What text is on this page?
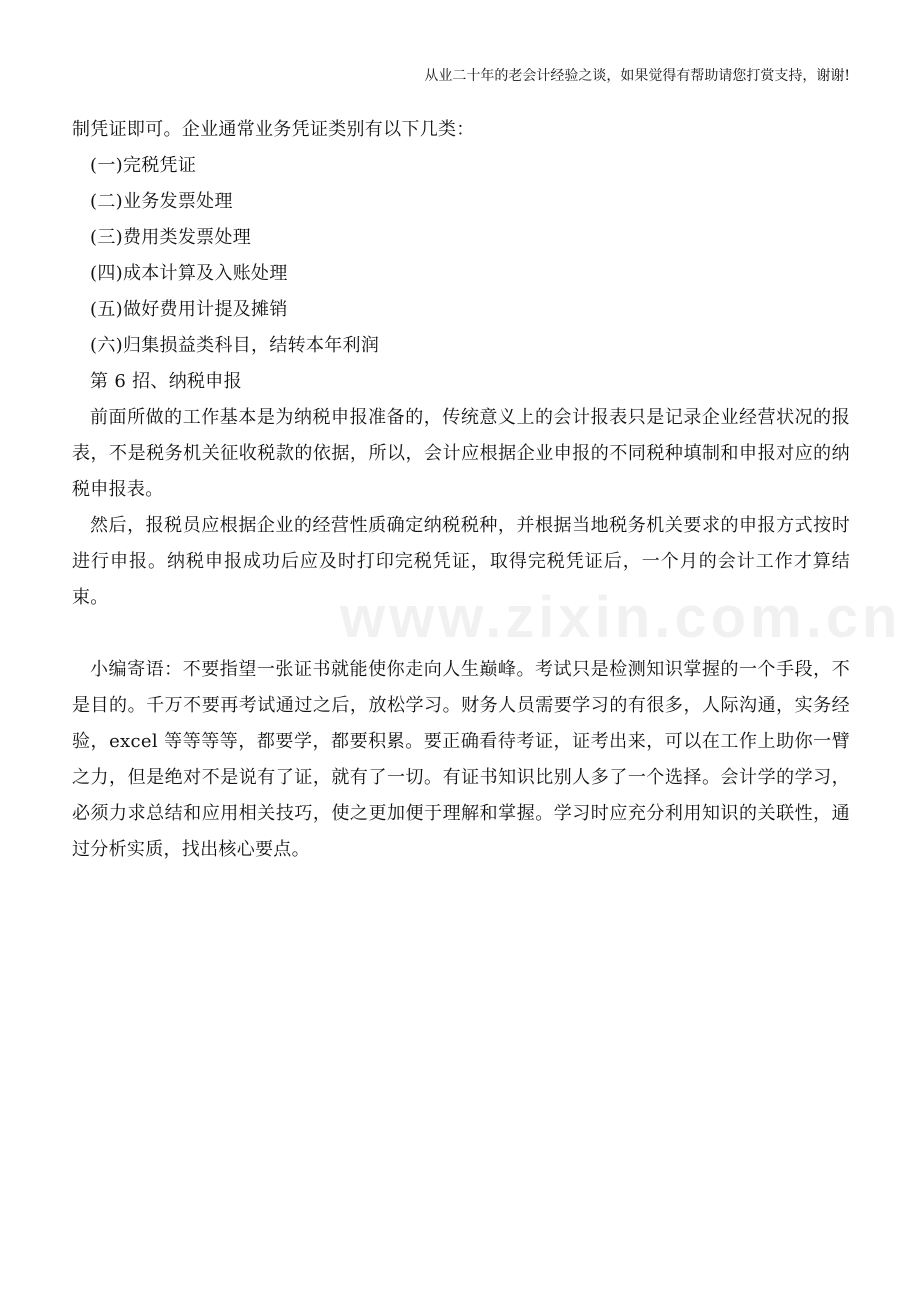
从业二十年的老会计经验之谈，如果觉得有帮助请您打赏支持，谢谢!

制凭证即可。企业通常业务凭证类别有以下几类：

(一)完税凭证

(二)业务发票处理

(三)费用类发票处理

(四)成本计算及入账处理

(五)做好费用计提及摊销

(六)归集损益类科目，结转本年利润

第 6 招、纳税申报

前面所做的工作基本是为纳税申报准备的，传统意义上的会计报表只是记录企业经营状况的报表，不是税务机关征收税款的依据，所以，会计应根据企业申报的不同税种填制和申报对应的纳税申报表。

然后，报税员应根据企业的经营性质确定纳税税种，并根据当地税务机关要求的申报方式按时进行申报。纳税申报成功后应及时打印完税凭证，取得完税凭证后，一个月的会计工作才算结束。

小编寄语：不要指望一张证书就能使你走向人生巅峰。考试只是检测知识掌握的一个手段，不是目的。千万不要再考试通过之后，放松学习。财务人员需要学习的有很多，人际沟通，实务经验，excel 等等等等，都要学，都要积累。要正确看待考证，证考出来，可以在工作上助你一臂之力，但是绝对不是说有了证，就有了一切。有证书知识比别人多了一个选择。会计学的学习，必须力求总结和应用相关技巧，使之更加便于理解和掌握。学习时应充分利用知识的关联性，通过分析实质，找出核心要点。

www.zixin.com.cn
